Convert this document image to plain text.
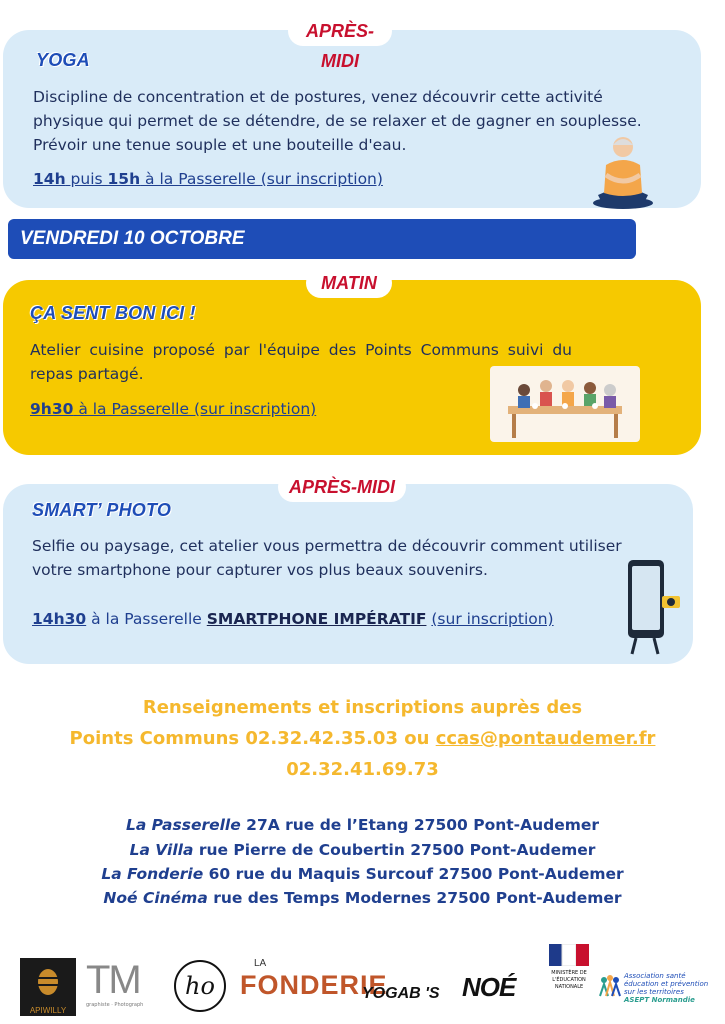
APRÈS-MIDI
YOGA
Discipline de concentration et de postures, venez découvrir cette activité physique qui permet de se détendre, de se relaxer et de gagner en souplesse. Prévoir une tenue souple et une bouteille d'eau.
14h puis 15h à la Passerelle (sur inscription)
VENDREDI 10 OCTOBRE
MATIN
ÇA SENT BON ICI !
Atelier cuisine proposé par l'équipe des Points Communs suivi du repas partagé.
9h30 à la Passerelle (sur inscription)
APRÈS-MIDI
SMART’ PHOTO
Selfie ou paysage, cet atelier vous permettra de découvrir comment utiliser votre smartphone pour capturer vos plus beaux souvenirs.
14h30 à la Passerelle SMARTPHONE IMPÉRATIF (sur inscription)
Renseignements et inscriptions auprès des
Points Communs 02.32.42.35.03 ou ccas@pontaudemer.fr
02.32.41.69.73
La Passerelle 27A rue de l’Etang 27500 Pont-Audemer
La Villa rue Pierre de Coubertin 27500 Pont-Audemer
La Fonderie 60 rue du Maquis Surcouf 27500 Pont-Audemer
Noé Cinéma rue des Temps Modernes 27500 Pont-Audemer
APIWILLY
TM
graphiste · Photograph
ho
LA
FONDERIE
YOGAB 'S NOÉ	MINISTÈRE DE L'ÉDUCATION NATIONALE
Association santé
éducation et prévention
sur les territoires
ASEPT Normandie
